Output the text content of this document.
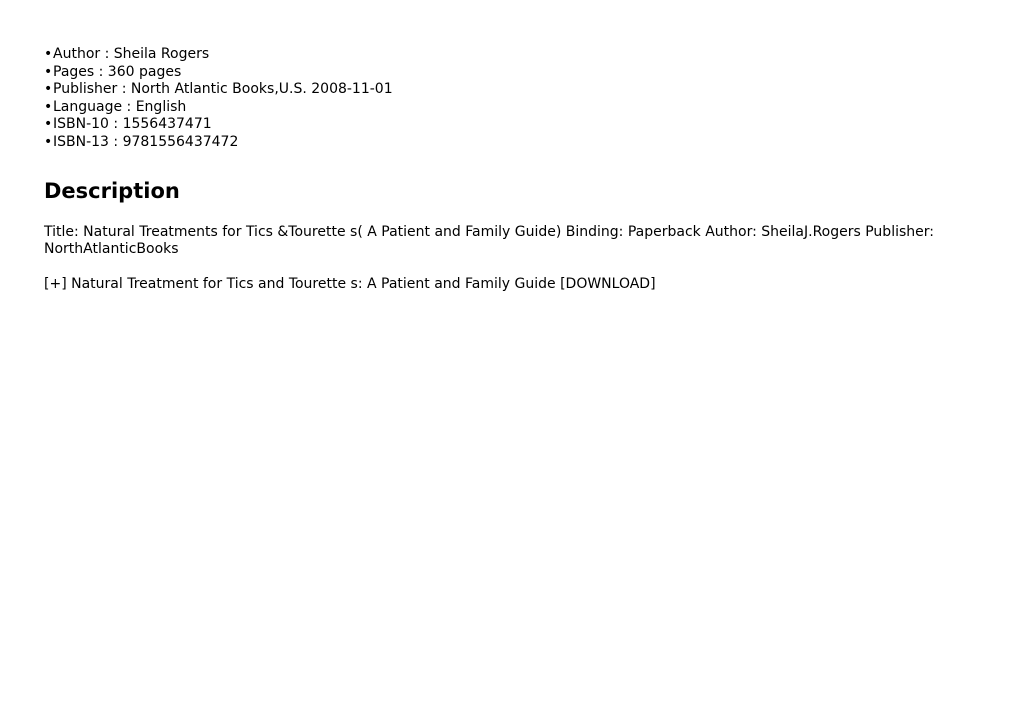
• Author : Sheila Rogers
• Pages : 360 pages
• Publisher : North Atlantic Books,U.S. 2008-11-01
• Language : English
• ISBN-10 : 1556437471
• ISBN-13 : 9781556437472
Description

Title: Natural Treatments for Tics &Tourette s( A Patient and Family Guide) Binding: Paperback Author: SheilaJ.Rogers Publisher: NorthAtlanticBooks

[+] Natural Treatment for Tics and Tourette s: A Patient and Family Guide [DOWNLOAD]
